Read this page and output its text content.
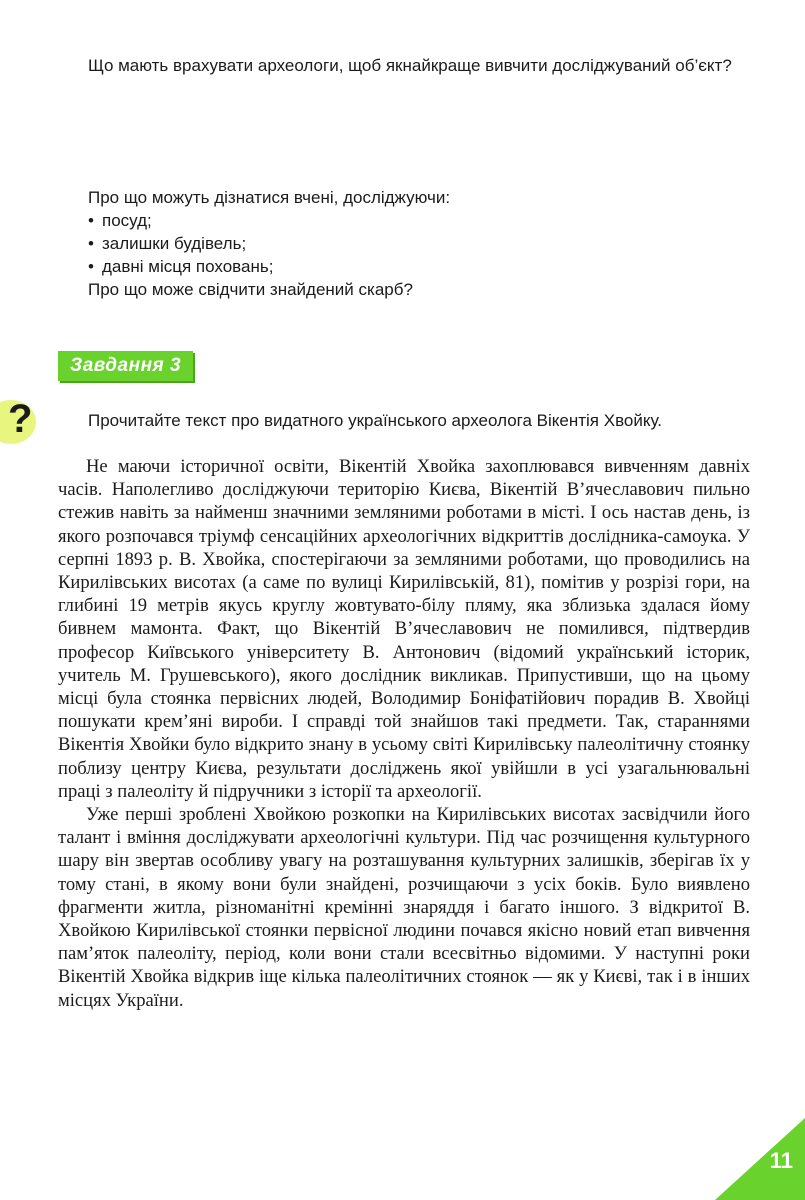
Що мають врахувати археологи, щоб якнайкраще вивчити досліджуваний об’єкт?

Про що можуть дізнатися вчені, досліджуючи:

• посуд;
• залишки будівель;
• давні місця поховань;

Про що може свідчити знайдений скарб?

Завдання 3
?	Прочитайте текст про видатного українського археолога Вікентія Хвойку.

Не маючи історичної освіти, Вікентій Хвойка захоплювався вивченням давніх часів. Наполегливо досліджуючи територію Києва, Вікентій В’ячеславович пильно стежив навіть за найменш значними земляними роботами в місті. І ось настав день, із якого розпочався тріумф сенсаційних археологічних відкриттів дослідника-самоука. У серпні 1893 р. В. Хвойка, спостерігаючи за земляними роботами, що проводились на Кирилівських висотах (а саме по вулиці Кирилівській, 81), помітив у розрізі гори, на глибині 19 метрів якусь круглу жовтувато-білу пляму, яка зблизька здалася йому бивнем мамонта. Факт, що Вікентій В’ячеславович не помилився, підтвердив професор Київського університету В. Антонович (відомий український історик, учитель М. Грушевського), якого дослідник викликав. Припустивши, що на цьому місці була стоянка первісних людей, Володимир Боніфатійович порадив В. Хвойці пошукати крем’яні вироби. І справді той знайшов такі предмети. Так, стараннями Вікентія Хвойки було відкрито знану в усьому світі Кирилівську палеолітичну стоянку поблизу центру Києва, результати досліджень якої увійшли в усі узагальнювальні праці з палеоліту й підручники з історії та археології.

Уже перші зроблені Хвойкою розкопки на Кирилівських висотах засвідчили його талант і вміння досліджувати археологічні культури. Під час розчищення культурного шару він звертав особливу увагу на розташування культурних залишків, зберігав їх у тому стані, в якому вони були знайдені, розчищаючи з усіх боків. Було виявлено фрагменти житла, різноманітні кремінні знаряддя і багато іншого. З відкритої В. Хвойкою Кирилівської стоянки первісної людини почався якісно новий етап вивчення пам’яток палеоліту, період, коли вони стали всесвітньо відомими. У наступні роки Вікентій Хвойка відкрив іще кілька палеолітичних стоянок — як у Києві, так і в інших місцях України.

11
